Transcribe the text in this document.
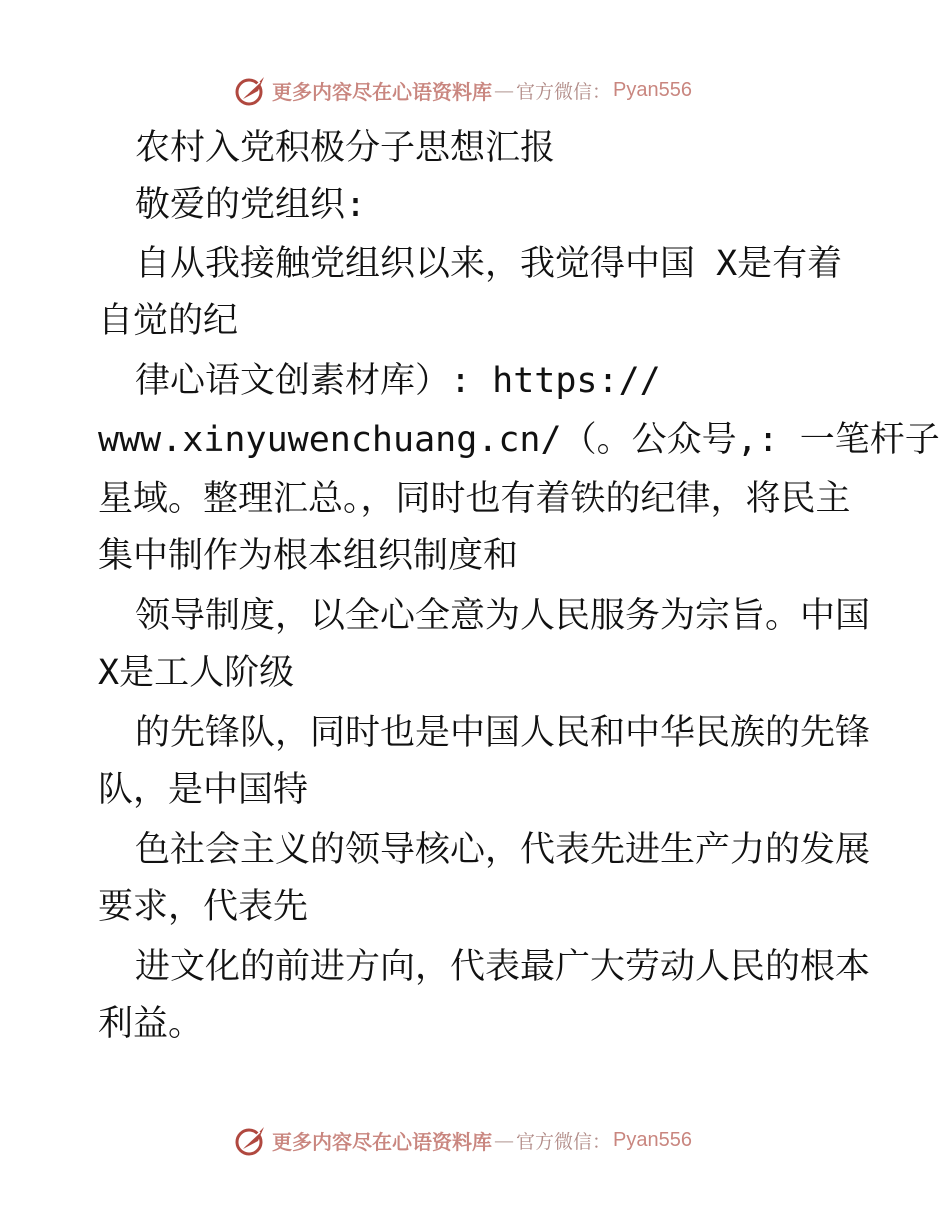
更多内容尽在心语资料库 — 官方微信： Pyan556
农村入党积极分子思想汇报
敬爱的党组织:
自从我接触党组织以来，我觉得中国 X是有着
自觉的纪
律心语文创素材库）: https://
www.xinyuwenchuang.cn/（。公众号,: 一笔杆子
星域。整理汇总。，同时也有着铁的纪律，将民主
集中制作为根本组织制度和
领导制度，以全心全意为人民服务为宗旨。中国
X是工人阶级
的先锋队，同时也是中国人民和中华民族的先锋
队，是中国特
色社会主义的领导核心，代表先进生产力的发展
要求，代表先
进文化的前进方向，代表最广大劳动人民的根本
利益。
更多内容尽在心语资料库 — 官方微信： Pyan556
